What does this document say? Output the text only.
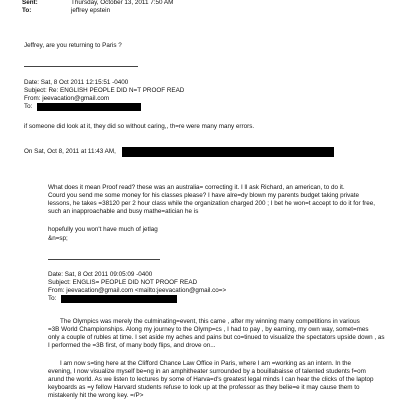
Sent:	Thursday, October 13, 2011 7:50 AM
To:	jeffrey epstein
Jeffrey, are you returning to Paris ?
Date: Sat, 8 Oct 2011 12:15:51 -0400
Subject: Re: ENGLISH PEOPLE DID N=T PROOF READ
From: jeevacation@gmail.com
To:
if someone did look at it, they did so without caring,, th=re were many many errors.
On Sat, Oct 8, 2011 at 11:43 AM,
What does it mean Proof read? these was an australia= correcting it. I ll ask Richard, an american, to do it.
Courd you send me some money for his classes please? I have alre=dy blown my parents budget taking private
lessons, he takes =38120 per 2 hour class while the organization charged 200 ; I bet he won=t accept to do it for free,
such an inapproachable and busy mathe=atician he is
hopefully you won't have much of jetlag
&n=sp;
Date: Sat, 8 Oct 2011 09:05:09 -0400
Subject: ENGLIS= PEOPLE DID NOT PROOF READ
From: jeevacation@gmail.com <mailto:jeevacation@gmail.co=>
To:
The Olympics was merely the culminating=event, this came , after my winning many competitions in various
=3B World Championships. Along my journey to the Olymp=cs , I had to pay , by earning, my own way, somet=mes
only a couple of rubles at time. I set aside my aches and pains but co=tinued to visualize the spectators upside down , as
I performed the =3B first, of many body flips, and drove on...
I am now s=ting here at the Clifford Chance Law Office in Paris, where I am =working as an intern. In the
evening, I now visualize myself be=ng in an amphitheater surrounded by a bouillabaisse of talented students f=om
arund the world. As we listen to lectures by some of Harva=d's greatest legal minds I can hear the clicks of the laptop
keyboards as =y fellow Harvard students refuse to look up at the professor as they belie=e it may cause them to
mistakenly hit the wrong key. =/P>
